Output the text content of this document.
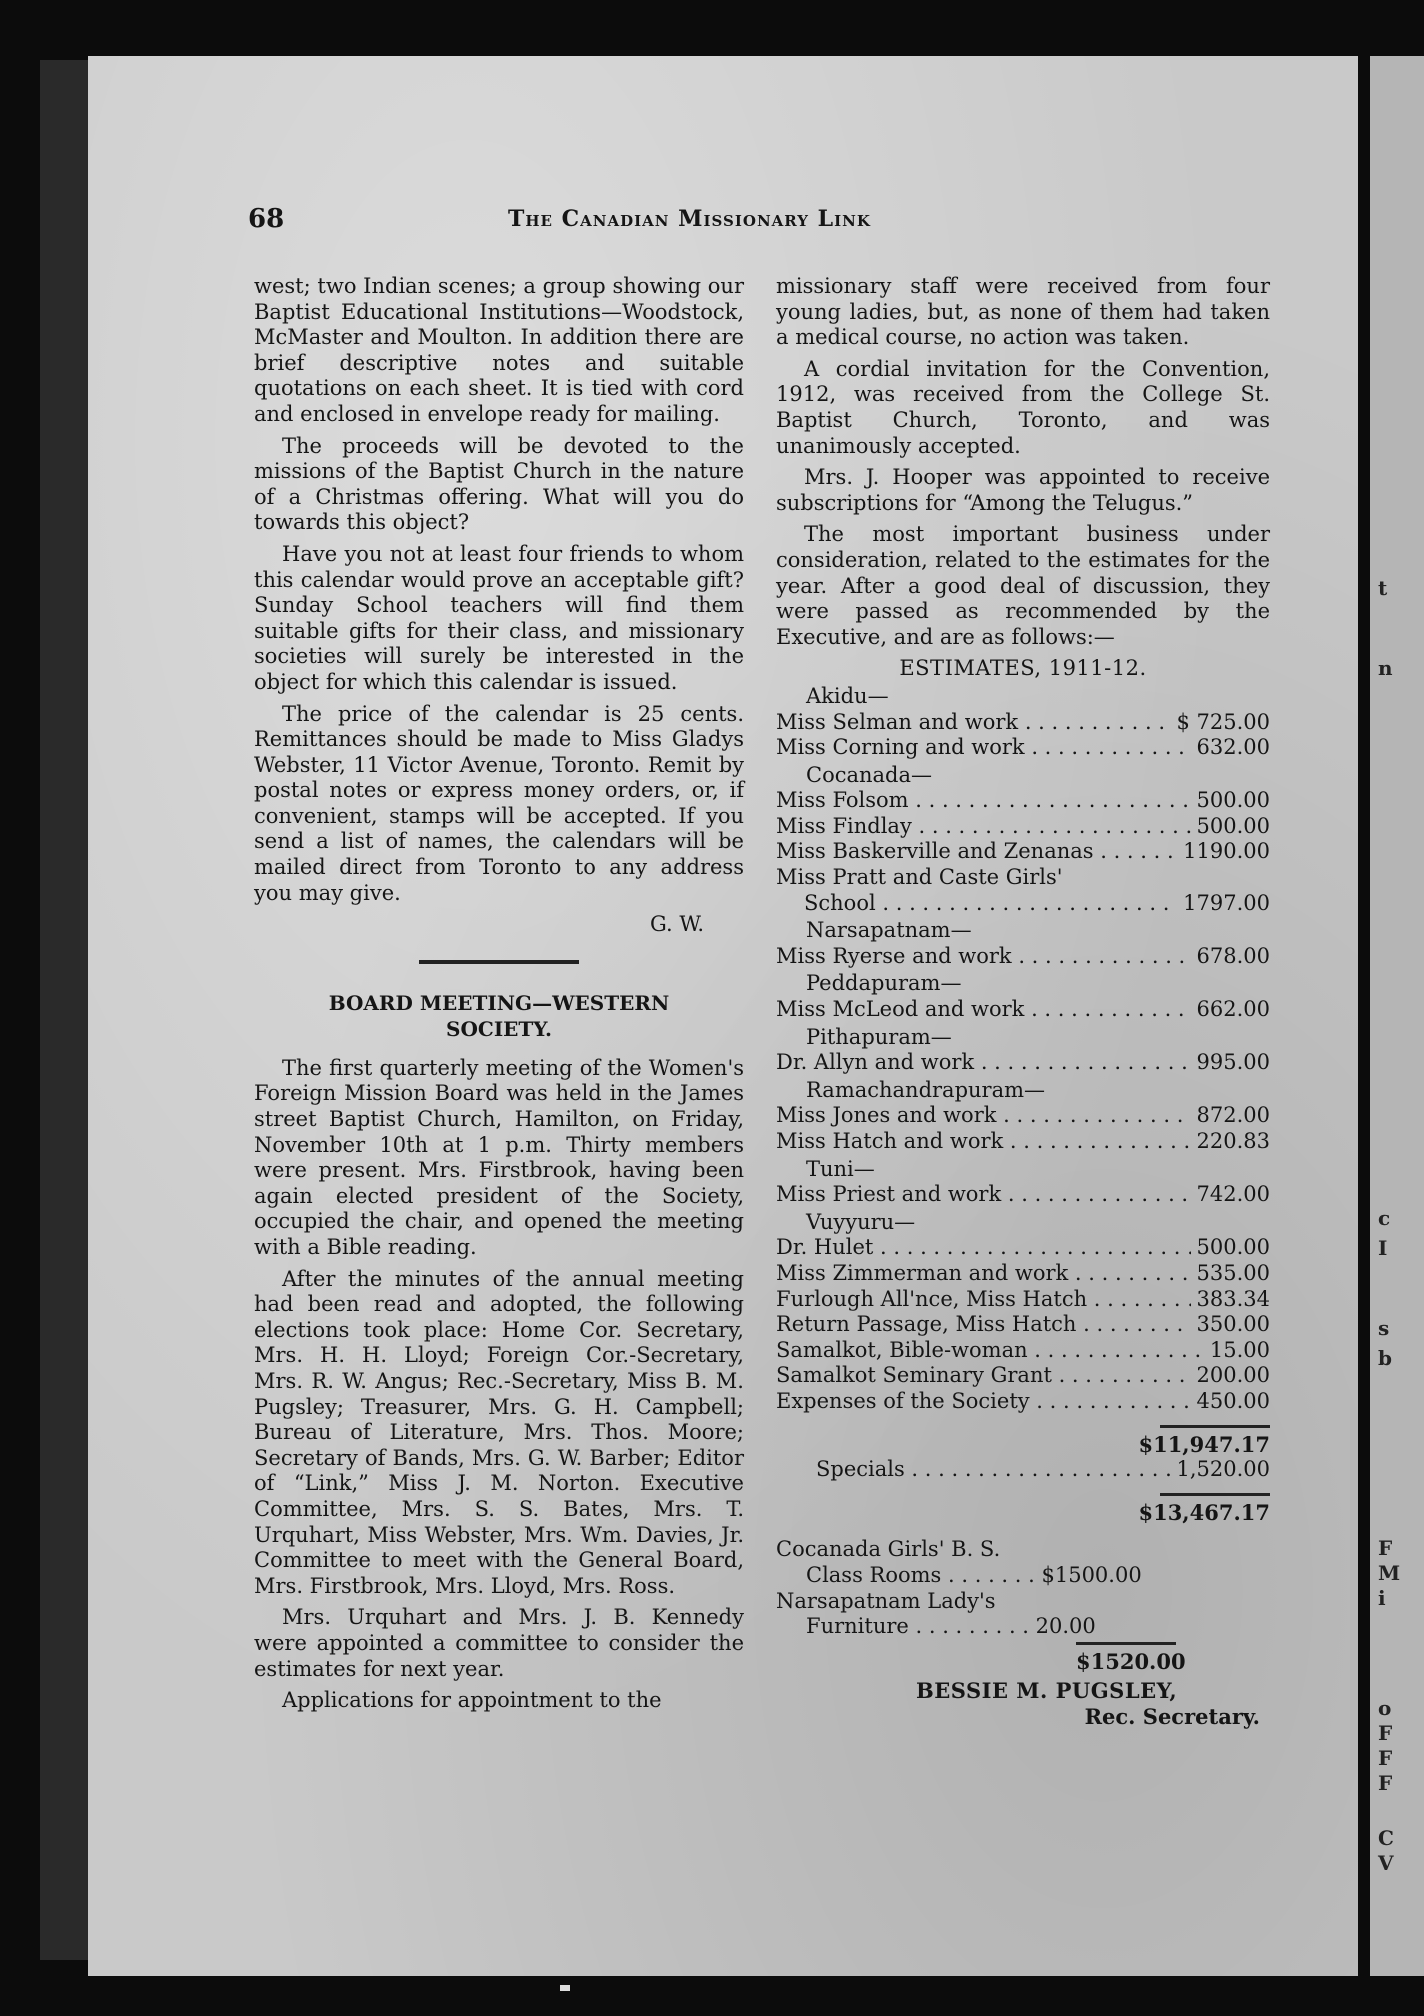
t
n
c
I
s
b
F
M
i
o
F
F
F
C
V
68	The Canadian Missionary Link

west; two Indian scenes; a group showing our Baptist Educational Institutions—Woodstock, McMaster and Moulton. In addition there are brief descriptive notes and suitable quotations on each sheet. It is tied with cord and enclosed in envelope ready for mailing.

The proceeds will be devoted to the missions of the Baptist Church in the nature of a Christmas offering. What will you do towards this object?

Have you not at least four friends to whom this calendar would prove an acceptable gift? Sunday School teachers will find them suitable gifts for their class, and missionary societies will surely be interested in the object for which this calendar is issued.

The price of the calendar is 25 cents. Remittances should be made to Miss Gladys Webster, 11 Victor Avenue, Toronto. Remit by postal notes or express money orders, or, if convenient, stamps will be accepted. If you send a list of names, the calendars will be mailed direct from Toronto to any address you may give.

G. W.
BOARD MEETING—WESTERN
SOCIETY.

The first quarterly meeting of the Women's Foreign Mission Board was held in the James street Baptist Church, Hamilton, on Friday, November 10th at 1 p.m. Thirty members were present. Mrs. Firstbrook, having been again elected president of the Society, occupied the chair, and opened the meeting with a Bible reading.

After the minutes of the annual meeting had been read and adopted, the following elections took place: Home Cor. Secretary, Mrs. H. H. Lloyd; Foreign Cor.-Secretary, Mrs. R. W. Angus; Rec.-Secretary, Miss B. M. Pugsley; Treasurer, Mrs. G. H. Campbell; Bureau of Literature, Mrs. Thos. Moore; Secretary of Bands, Mrs. G. W. Barber; Editor of “Link,” Miss J. M. Norton. Executive Committee, Mrs. S. S. Bates, Mrs. T. Urquhart, Miss Webster, Mrs. Wm. Davies, Jr. Committee to meet with the General Board, Mrs. Firstbrook, Mrs. Lloyd, Mrs. Ross.

Mrs. Urquhart and Mrs. J. B. Kennedy were appointed a committee to consider the estimates for next year.

Applications for appointment to the

missionary staff were received from four young ladies, but, as none of them had taken a medical course, no action was taken.

A cordial invitation for the Convention, 1912, was received from the College St. Baptist Church, Toronto, and was unanimously accepted.

Mrs. J. Hooper was appointed to receive subscriptions for “Among the Telugus.”

The most important business under consideration, related to the estimates for the year. After a good deal of discussion, they were passed as recommended by the Executive, and are as follows:—

ESTIMATES, 1911-12.
Akidu—
Miss Selman and work . . .	$ 725.00
Miss Corning and work . . .	632.00
Cocanada—
Miss Folsom . . .	500.00
Miss Findlay . . .	500.00
Miss Baskerville and Zenanas . . .	1190.00
Miss Pratt and Caste Girls'
School . . .	1797.00
Narsapatnam—
Miss Ryerse and work . . .	678.00
Peddapuram—
Miss McLeod and work . . .	662.00
Pithapuram—
Dr. Allyn and work . . .	995.00
Ramachandrapuram—
Miss Jones and work . . .	872.00
Miss Hatch and work . . .	220.83
Tuni—
Miss Priest and work . . .	742.00
Vuyyuru—
Dr. Hulet . . .	500.00
Miss Zimmerman and work . . .	535.00
Furlough All'nce, Miss Hatch . . .	383.34
Return Passage, Miss Hatch . . .	350.00
Samalkot, Bible-woman . . .	15.00
Samalkot Seminary Grant . . .	200.00
Expenses of the Society . . .	450.00
$11,947.17
Specials . . .	1,520.00
$13,467.17
Cocanada Girls' B. S.
Class Rooms . . . . . . . $1500.00
Narsapatnam Lady's
Furniture . . . . . . . . . 20.00
$1520.00
BESSIE M. PUGSLEY,
Rec. Secretary.
